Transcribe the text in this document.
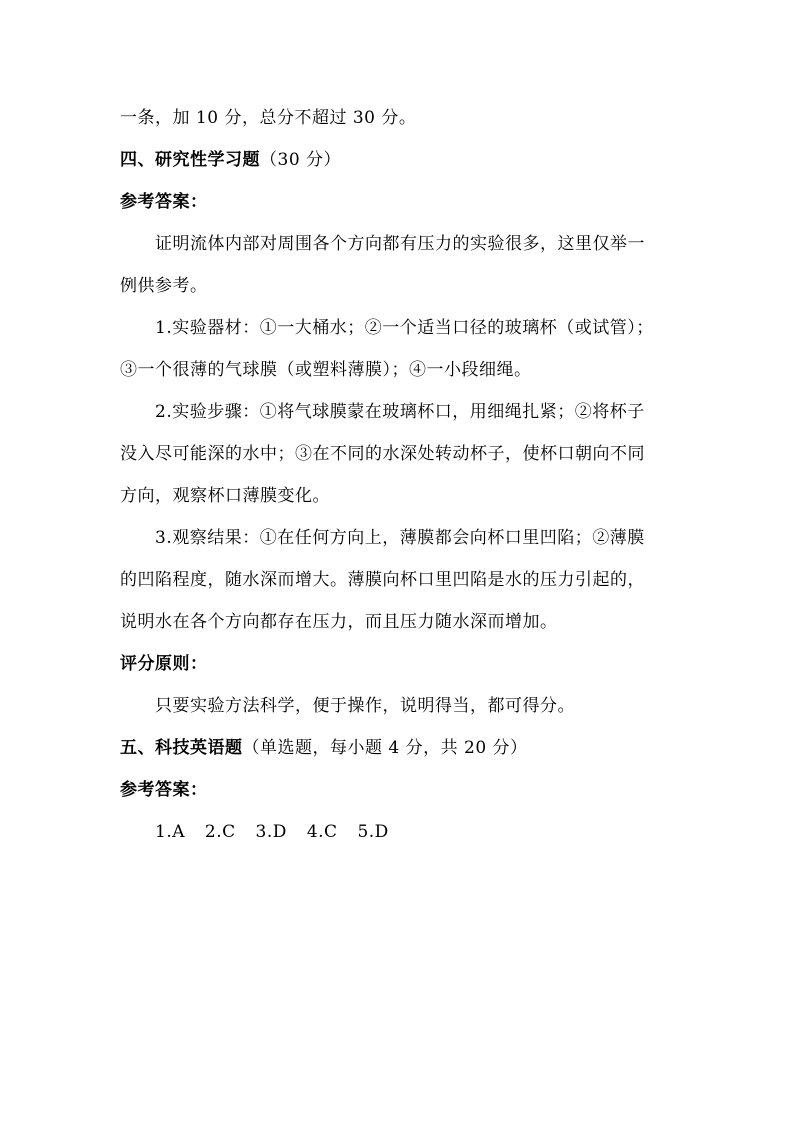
一条，加 10 分，总分不超过 30 分。
四、研究性学习题（30 分）
参考答案：
证明流体内部对周围各个方向都有压力的实验很多，这里仅举一
例供参考。
1.实验器材：①一大桶水；②一个适当口径的玻璃杯（或试管）；
③一个很薄的气球膜（或塑料薄膜）；④一小段细绳。
2.实验步骤：①将气球膜蒙在玻璃杯口，用细绳扎紧；②将杯子
没入尽可能深的水中；③在不同的水深处转动杯子，使杯口朝向不同
方向，观察杯口薄膜变化。
3.观察结果：①在任何方向上，薄膜都会向杯口里凹陷；②薄膜
的凹陷程度，随水深而增大。薄膜向杯口里凹陷是水的压力引起的，
说明水在各个方向都存在压力，而且压力随水深而增加。
评分原则：
只要实验方法科学，便于操作，说明得当，都可得分。
五、科技英语题（单选题，每小题 4 分，共 20 分）
参考答案：
1.A 2.C 3.D 4.C 5.D
